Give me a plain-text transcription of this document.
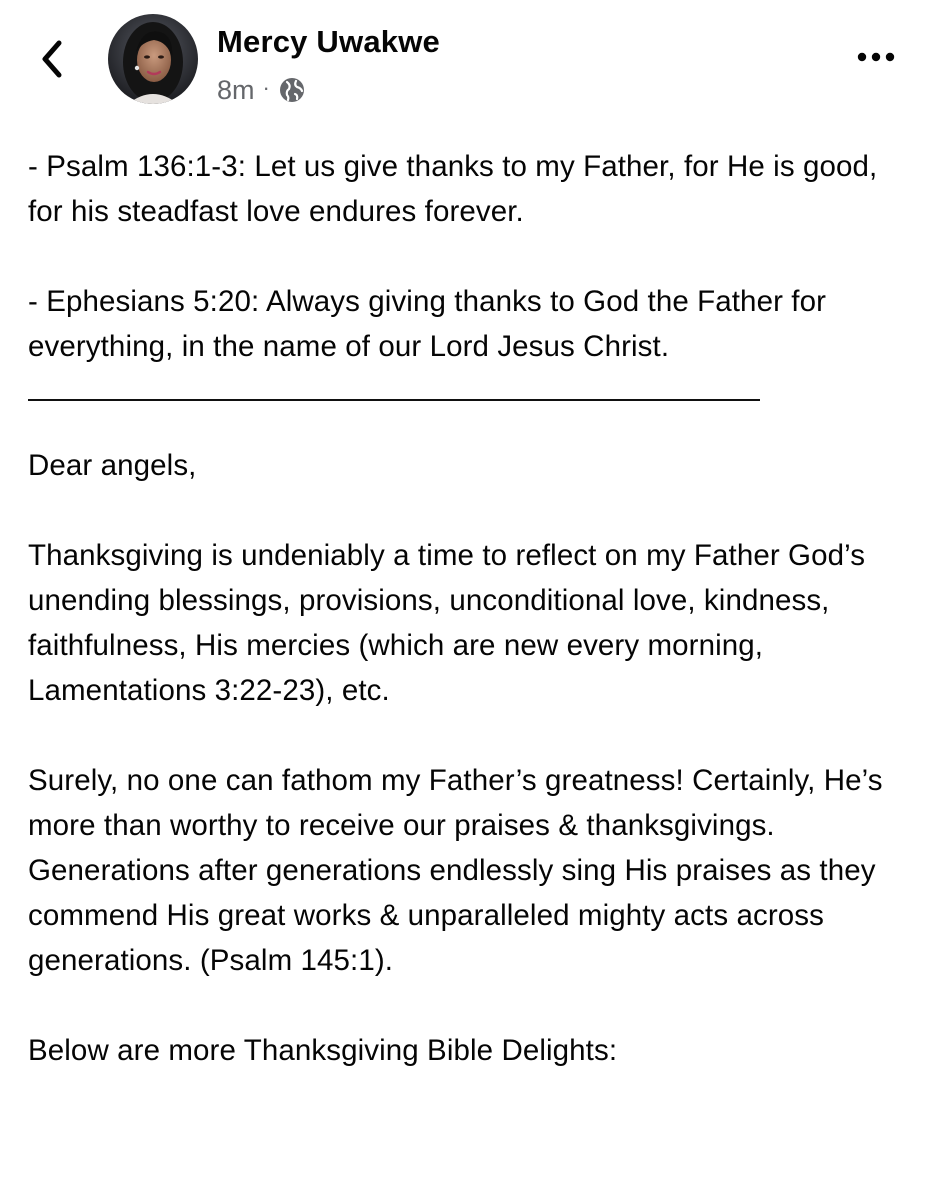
Mercy Uwakwe
8m ·

- Psalm 136:1-3: Let us give thanks to my Father, for He is good, for his steadfast love endures forever.

- Ephesians 5:20: Always giving thanks to God the Father for everything, in the name of our Lord Jesus Christ.

Dear angels,

Thanksgiving is undeniably a time to reflect on my Father God’s unending blessings, provisions, unconditional love, kindness, faithfulness, His mercies (which are new every morning, Lamentations 3:22-23), etc.

Surely, no one can fathom my Father’s greatness! Certainly, He’s more than worthy to receive our praises & thanksgivings.

Generations after generations endlessly sing His praises as they commend His great works & unparalleled mighty acts across generations. (Psalm 145:1).

Below are more Thanksgiving Bible Delights:
